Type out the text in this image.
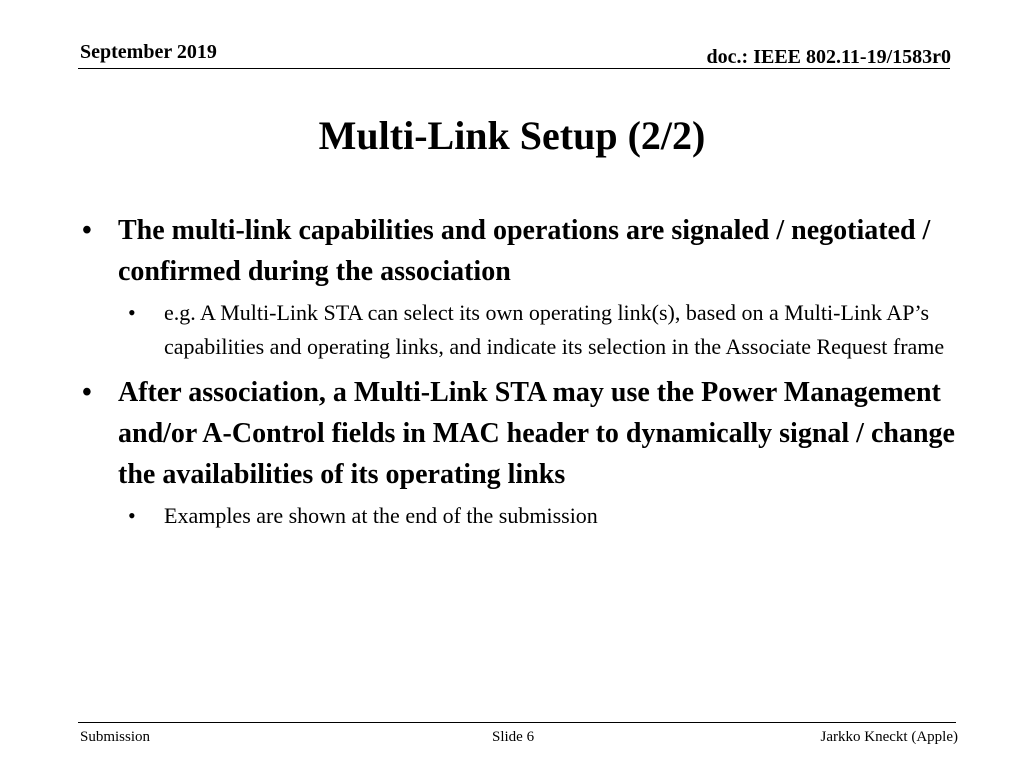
September 2019	doc.: IEEE 802.11-19/1583r0
Multi-Link Setup (2/2)
• The multi-link capabilities and operations are signaled / negotiated / confirmed during the association
• e.g. A Multi-Link STA can select its own operating link(s), based on a Multi-Link AP’s capabilities and operating links, and indicate its selection in the Associate Request frame
• After association, a Multi-Link STA may use the Power Management and/or A-Control fields in MAC header to dynamically signal / change the availabilities of its operating links
• Examples are shown at the end of the submission
Submission	Slide 6	Jarkko Kneckt (Apple)
